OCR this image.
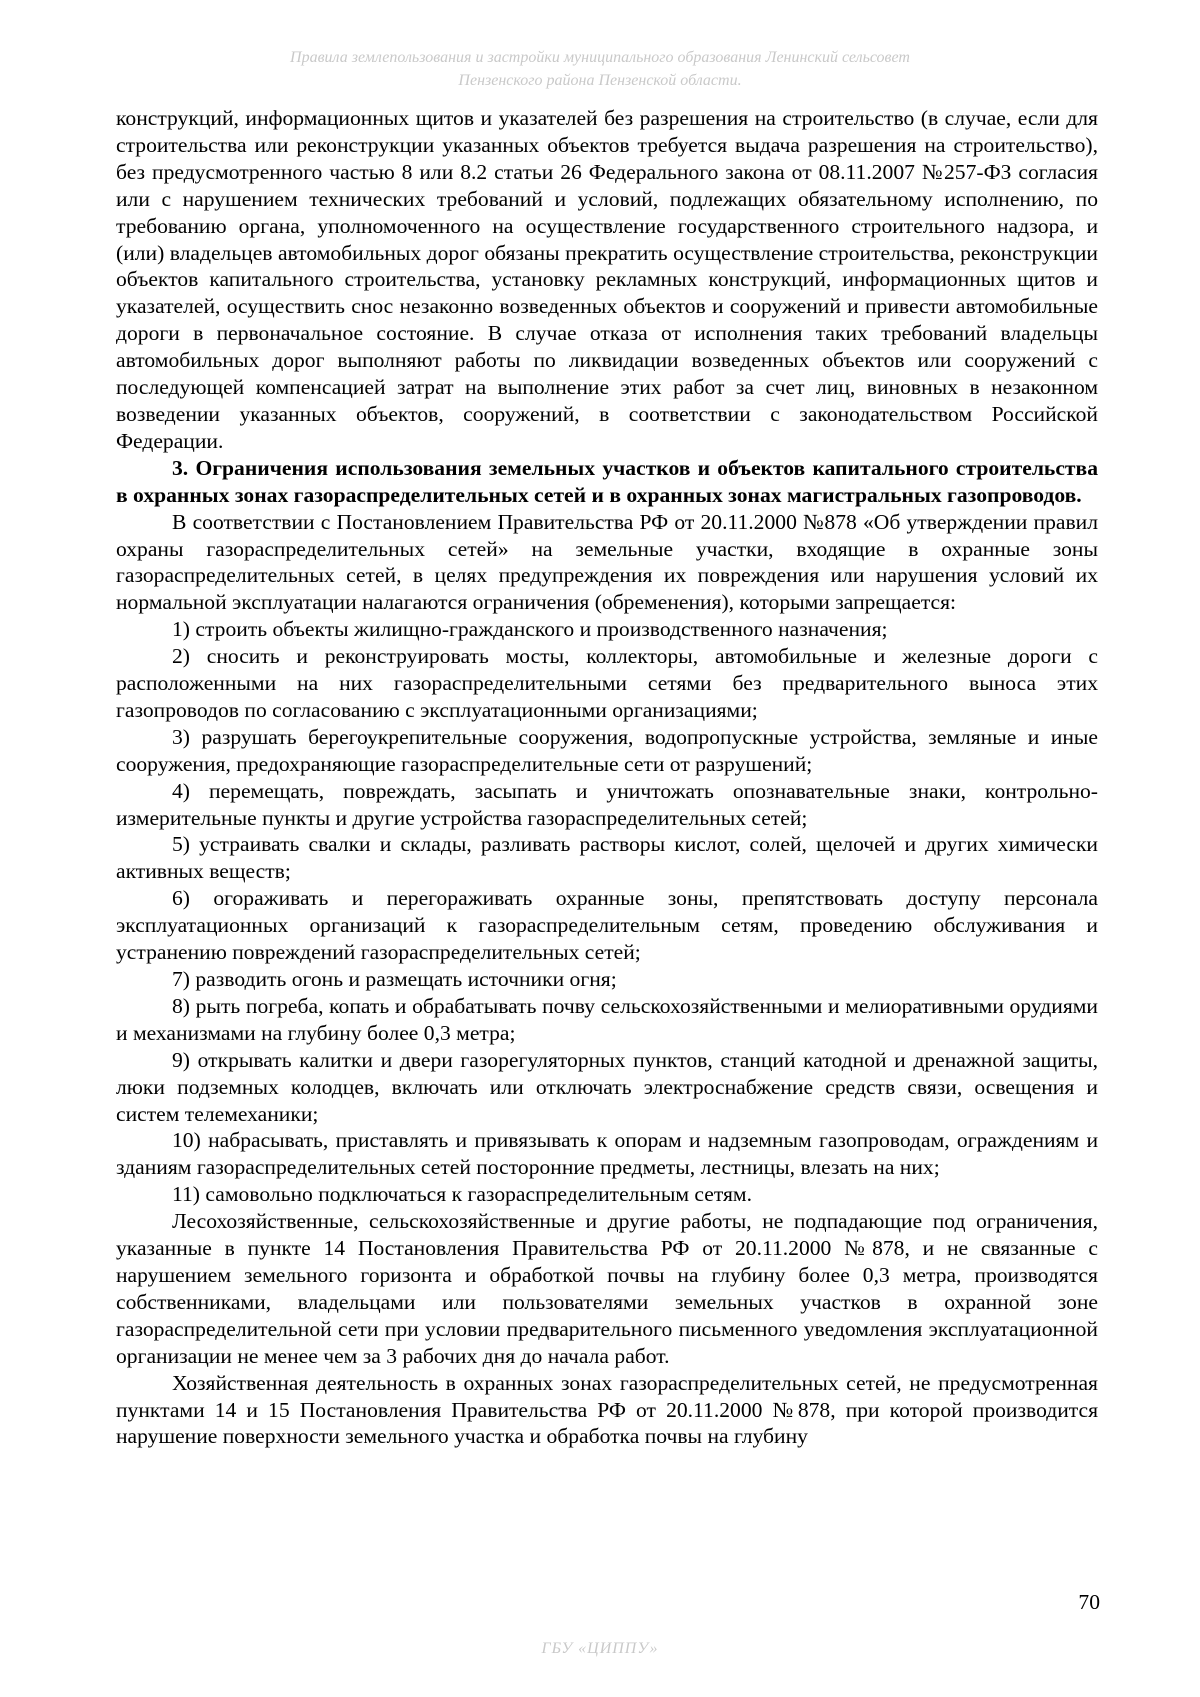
Правила землепользования и застройки муниципального образования Ленинский сельсовет
Пензенского района Пензенской области.

конструкций, информационных щитов и указателей без разрешения на строительство (в случае, если для строительства или реконструкции указанных объектов требуется выдача разрешения на строительство), без предусмотренного частью 8 или 8.2 статьи 26 Федерального закона от 08.11.2007 №257-ФЗ согласия или с нарушением технических требований и условий, подлежащих обязательному исполнению, по требованию органа, уполномоченного на осуществление государственного строительного надзора, и (или) владельцев автомобильных дорог обязаны прекратить осуществление строительства, реконструкции объектов капитального строительства, установку рекламных конструкций, информационных щитов и указателей, осуществить снос незаконно возведенных объектов и сооружений и привести автомобильные дороги в первоначальное состояние. В случае отказа от исполнения таких требований владельцы автомобильных дорог выполняют работы по ликвидации возведенных объектов или сооружений с последующей компенсацией затрат на выполнение этих работ за счет лиц, виновных в незаконном возведении указанных объектов, сооружений, в соответствии с законодательством Российской Федерации.

3. Ограничения использования земельных участков и объектов капитального строительства в охранных зонах газораспределительных сетей и в охранных зонах магистральных газопроводов.

В соответствии с Постановлением Правительства РФ от 20.11.2000 №878 «Об утверждении правил охраны газораспределительных сетей» на земельные участки, входящие в охранные зоны газораспределительных сетей, в целях предупреждения их повреждения или нарушения условий их нормальной эксплуатации налагаются ограничения (обременения), которыми запрещается:

1) строить объекты жилищно-гражданского и производственного назначения;

2) сносить и реконструировать мосты, коллекторы, автомобильные и железные дороги с расположенными на них газораспределительными сетями без предварительного выноса этих газопроводов по согласованию с эксплуатационными организациями;

3) разрушать берегоукрепительные сооружения, водопропускные устройства, земляные и иные сооружения, предохраняющие газораспределительные сети от разрушений;

4) перемещать, повреждать, засыпать и уничтожать опознавательные знаки, контрольно-измерительные пункты и другие устройства газораспределительных сетей;

5) устраивать свалки и склады, разливать растворы кислот, солей, щелочей и других химически активных веществ;

6) огораживать и перегораживать охранные зоны, препятствовать доступу персонала эксплуатационных организаций к газораспределительным сетям, проведению обслуживания и устранению повреждений газораспределительных сетей;

7) разводить огонь и размещать источники огня;

8) рыть погреба, копать и обрабатывать почву сельскохозяйственными и мелиоративными орудиями и механизмами на глубину более 0,3 метра;

9) открывать калитки и двери газорегуляторных пунктов, станций катодной и дренажной защиты, люки подземных колодцев, включать или отключать электроснабжение средств связи, освещения и систем телемеханики;

10) набрасывать, приставлять и привязывать к опорам и надземным газопроводам, ограждениям и зданиям газораспределительных сетей посторонние предметы, лестницы, влезать на них;

11) самовольно подключаться к газораспределительным сетям.

Лесохозяйственные, сельскохозяйственные и другие работы, не подпадающие под ограничения, указанные в пункте 14 Постановления Правительства РФ от 20.11.2000 №878, и не связанные с нарушением земельного горизонта и обработкой почвы на глубину более 0,3 метра, производятся собственниками, владельцами или пользователями земельных участков в охранной зоне газораспределительной сети при условии предварительного письменного уведомления эксплуатационной организации не менее чем за 3 рабочих дня до начала работ.

Хозяйственная деятельность в охранных зонах газораспределительных сетей, не предусмотренная пунктами 14 и 15 Постановления Правительства РФ от 20.11.2000 №878, при которой производится нарушение поверхности земельного участка и обработка почвы на глубину

70
ГБУ «ЦИППУ»
